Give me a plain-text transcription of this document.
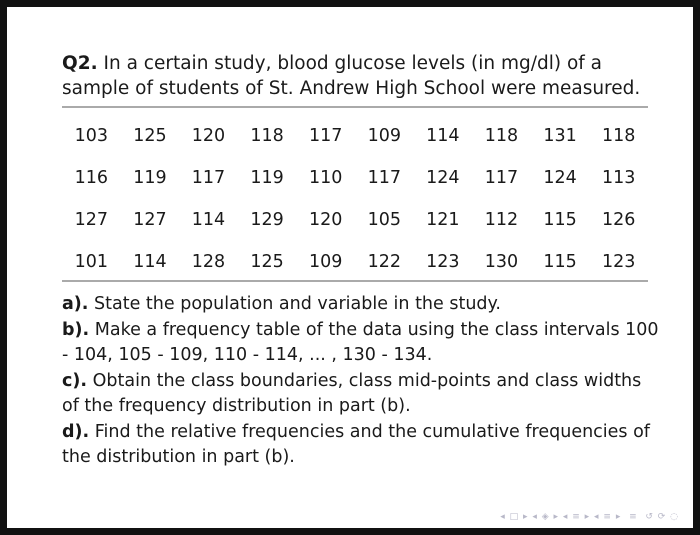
Q2. In a certain study, blood glucose levels (in mg/dl) of a sample of students of St. Andrew High School were measured.
103	125	120	118	117	109	114	118	131	118
116	119	117	119	110	117	124	117	124	113
127	127	114	129	120	105	121	112	115	126
101	114	128	125	109	122	123	130	115	123

a). State the population and variable in the study.

b). Make a frequency table of the data using the class intervals 100 - 104, 105 - 109, 110 - 114, ... , 130 - 134.

c). Obtain the class boundaries, class mid-points and class widths of the frequency distribution in part (b).

d). Find the relative frequencies and the cumulative frequencies of the distribution in part (b).

◂ □ ▸ ◂ ◈ ▸ ◂ ≡ ▸ ◂ ≡ ▸  ≡  ↺ ⟳ ◌
